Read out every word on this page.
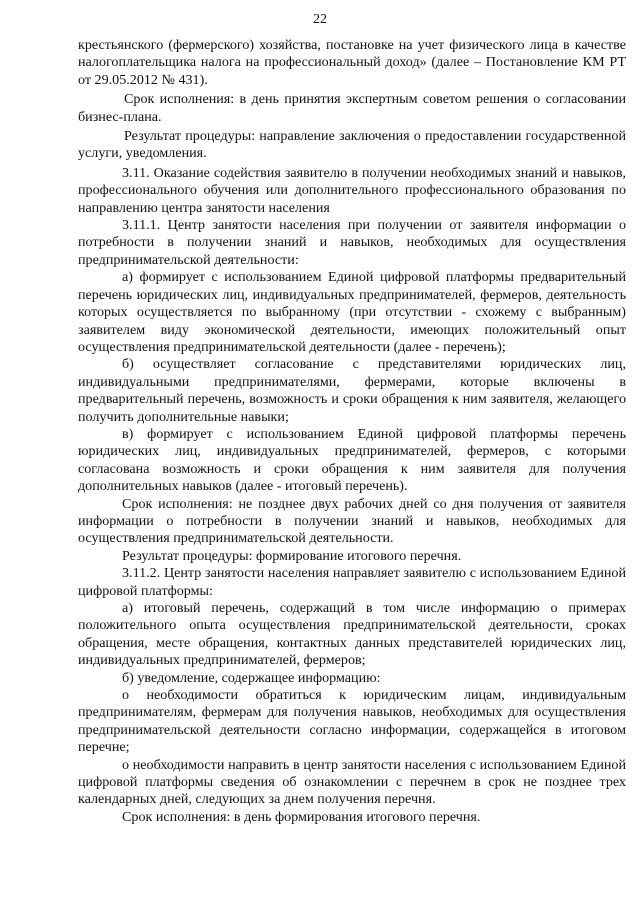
22

крестьянского (фермерского) хозяйства, постановке на учет физического лица в качестве налогоплательщика налога на профессиональный доход» (далее – Постановление КМ РТ от 29.05.2012 № 431).

Срок исполнения: в день принятия экспертным советом решения о согласовании бизнес-плана.

Результат процедуры: направление заключения о предоставлении государственной услуги, уведомления.

3.11. Оказание содействия заявителю в получении необходимых знаний и навыков, профессионального обучения или дополнительного профессионального образования по направлению центра занятости населения

3.11.1. Центр занятости населения при получении от заявителя информации о потребности в получении знаний и навыков, необходимых для осуществления предпринимательской деятельности:

а) формирует с использованием Единой цифровой платформы предварительный перечень юридических лиц, индивидуальных предпринимателей, фермеров, деятельность которых осуществляется по выбранному (при отсутствии - схожему с выбранным) заявителем виду экономической деятельности, имеющих положительный опыт осуществления предпринимательской деятельности (далее - перечень);

б) осуществляет согласование с представителями юридических лиц, индивидуальными предпринимателями, фермерами, которые включены в предварительный перечень, возможность и сроки обращения к ним заявителя, желающего получить дополнительные навыки;

в) формирует с использованием Единой цифровой платформы перечень юридических лиц, индивидуальных предпринимателей, фермеров, с которыми согласована возможность и сроки обращения к ним заявителя для получения дополнительных навыков (далее - итоговый перечень).

Срок исполнения: не позднее двух рабочих дней со дня получения от заявителя информации о потребности в получении знаний и навыков, необходимых для осуществления предпринимательской деятельности.

Результат процедуры: формирование итогового перечня.

3.11.2. Центр занятости населения направляет заявителю с использованием Единой цифровой платформы:

а) итоговый перечень, содержащий в том числе информацию о примерах положительного опыта осуществления предпринимательской деятельности, сроках обращения, месте обращения, контактных данных представителей юридических лиц, индивидуальных предпринимателей, фермеров;

б) уведомление, содержащее информацию:

о необходимости обратиться к юридическим лицам, индивидуальным предпринимателям, фермерам для получения навыков, необходимых для осуществления предпринимательской деятельности согласно информации, содержащейся в итоговом перечне;

о необходимости направить в центр занятости населения с использованием Единой цифровой платформы сведения об ознакомлении с перечнем в срок не позднее трех календарных дней, следующих за днем получения перечня.

Срок исполнения: в день формирования итогового перечня.
